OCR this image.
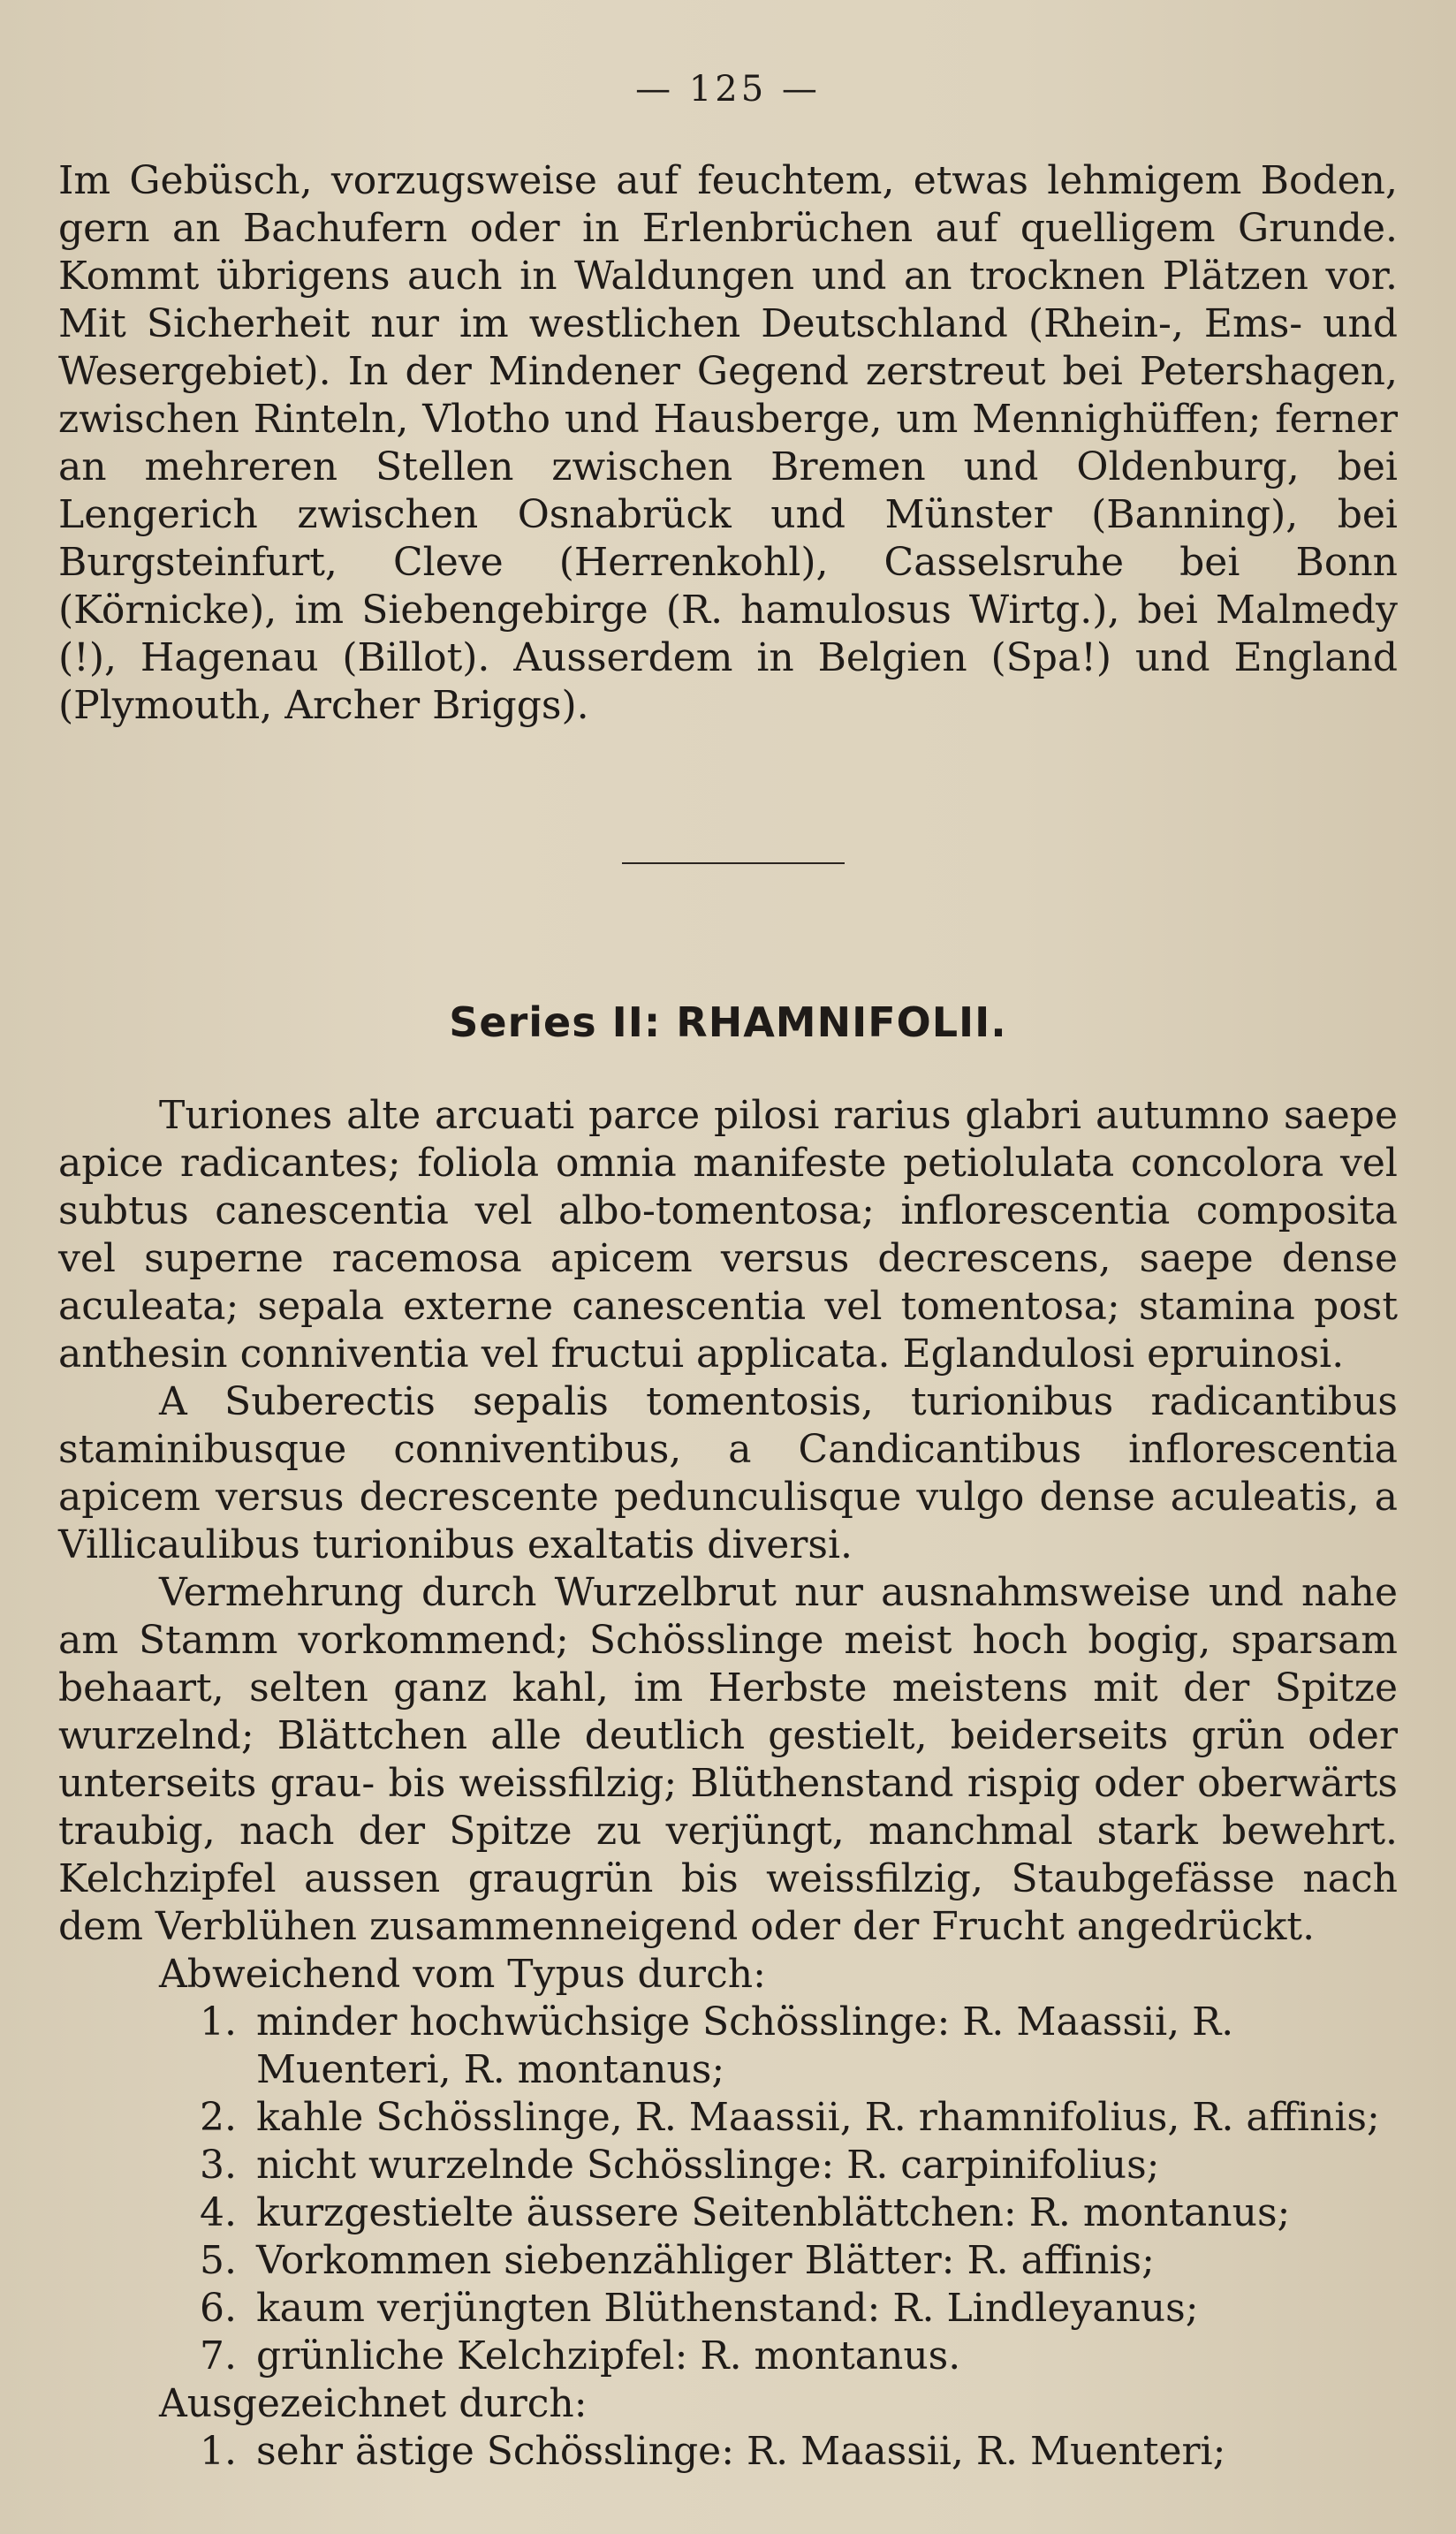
— 125 —
Im Gebüsch, vorzugsweise auf feuchtem, etwas lehmigem Boden, gern an Bachufern oder in Erlenbrüchen auf quelligem Grunde. Kommt übrigens auch in Waldungen und an trocknen Plätzen vor. Mit Sicherheit nur im westlichen Deutschland (Rhein-, Ems- und Wesergebiet). In der Mindener Gegend zerstreut bei Petershagen, zwischen Rinteln, Vlotho und Hausberge, um Mennighüffen; ferner an mehreren Stellen zwischen Bremen und Oldenburg, bei Lengerich zwischen Osnabrück und Münster (Banning), bei Burgsteinfurt, Cleve (Herrenkohl), Casselsruhe bei Bonn (Körnicke), im Siebengebirge (R. hamulosus Wirtg.), bei Malmedy (!), Hagenau (Billot). Ausserdem in Belgien (Spa!) und England (Plymouth, Archer Briggs).
Series II: RHAMNIFOLII.

Turiones alte arcuati parce pilosi rarius glabri autumno saepe apice radicantes; foliola omnia manifeste petiolulata concolora vel subtus canescentia vel albo-tomentosa; inflorescentia composita vel superne racemosa apicem versus decrescens, saepe dense aculeata; sepala externe canescentia vel tomentosa; stamina post anthesin conniventia vel fructui applicata. Eglandulosi epruinosi.

A Suberectis sepalis tomentosis, turionibus radicantibus staminibusque conniventibus, a Candicantibus inflorescentia apicem versus decrescente pedunculisque vulgo dense aculeatis, a Villicaulibus turionibus exaltatis diversi.

Vermehrung durch Wurzelbrut nur ausnahmsweise und nahe am Stamm vorkommend; Schösslinge meist hoch bogig, sparsam behaart, selten ganz kahl, im Herbste meistens mit der Spitze wurzelnd; Blättchen alle deutlich gestielt, beiderseits grün oder unterseits grau- bis weissfilzig; Blüthenstand rispig oder oberwärts traubig, nach der Spitze zu verjüngt, manchmal stark bewehrt. Kelchzipfel aussen graugrün bis weissfilzig, Staubgefässe nach dem Verblühen zusammenneigend oder der Frucht angedrückt.

Abweichend vom Typus durch:
1. minder hochwüchsige Schösslinge: R. Maassii, R. Muenteri, R. montanus;
2. kahle Schösslinge, R. Maassii, R. rhamnifolius, R. affinis;
3. nicht wurzelnde Schösslinge: R. carpinifolius;
4. kurzgestielte äussere Seitenblättchen: R. montanus;
5. Vorkommen siebenzähliger Blätter: R. affinis;
6. kaum verjüngten Blüthenstand: R. Lindleyanus;
7. grünliche Kelchzipfel: R. montanus.
Ausgezeichnet durch:
1. sehr ästige Schösslinge: R. Maassii, R. Muenteri;
